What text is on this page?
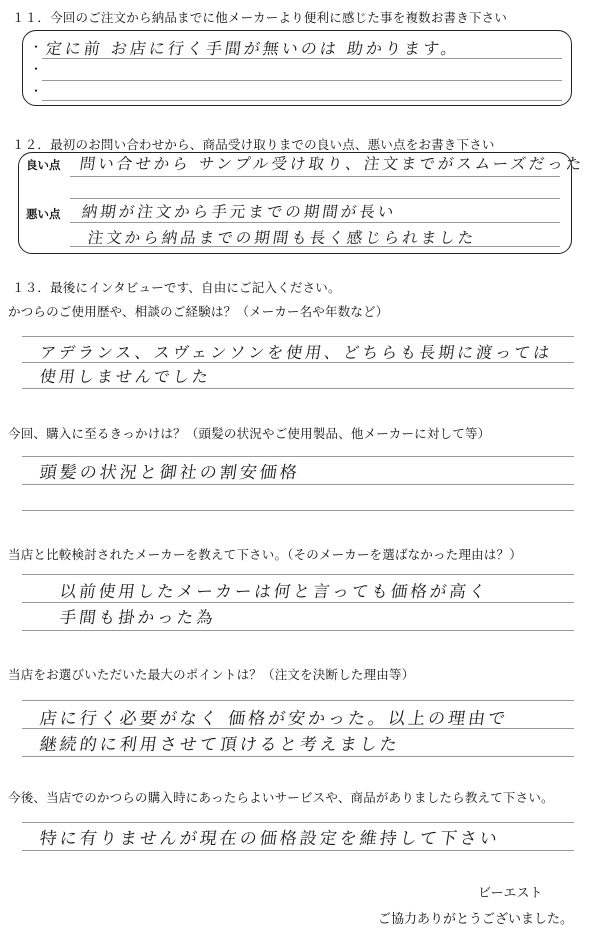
１１．今回のご注文から納品までに他メーカーより便利に感じた事を複数お書き下さい
・
・
・
定に前 お店に行く手間が無いのは 助かります。
１２．最初のお問い合わせから、商品受け取りまでの良い点、悪い点をお書き下さい
良い点 問い合せから サンプル受け取り、注文までがスムーズだった
悪い点 納期が注文から手元までの期間が長い
注文から納品までの期間も長く感じられました
１３．最後にインタビューです、自由にご記入ください。
かつらのご使用歴や、相談のご経験は？（メーカー名や年数など）
アデランス、スヴェンソンを使用、どちらも長期に渡っては
使用しませんでした
今回、購入に至るきっかけは？（頭髪の状況やご使用製品、他メーカーに対して等）
頭髪の状況と御社の割安価格
当店と比較検討されたメーカーを教えて下さい。（そのメーカーを選ばなかった理由は？）
以前使用したメーカーは何と言っても価格が高く
手間も掛かった為
当店をお選びいただいた最大のポイントは？（注文を決断した理由等）
店に行く必要がなく 価格が安かった。以上の理由で
継続的に利用させて頂けると考えました
今後、当店でのかつらの購入時にあったらよいサービスや、商品がありましたら教えて下さい。
特に有りませんが現在の価格設定を維持して下さい
ビーエスト
ご協力ありがとうございました。
